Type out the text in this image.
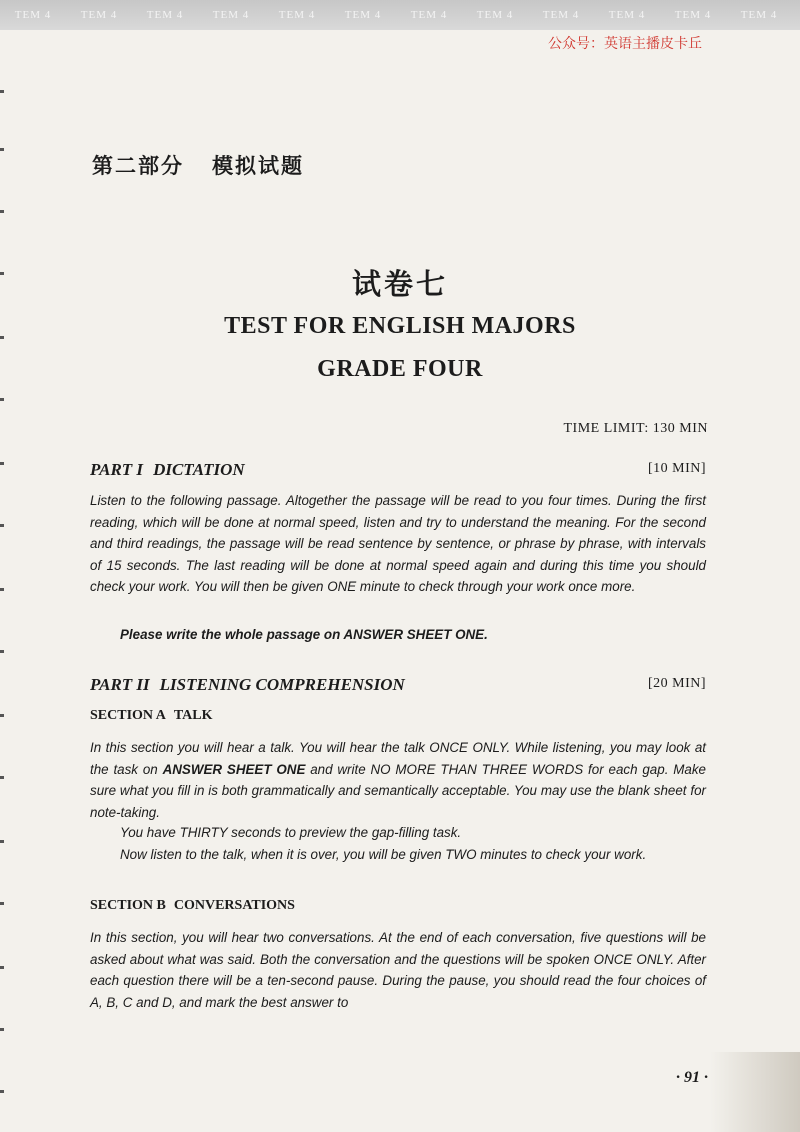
TEM 4	TEM 4	TEM 4	TEM 4	TEM 4	TEM 4	TEM 4	TEM 4	TEM 4	TEM 4	TEM 4	TEM 4
公众号：英语主播皮卡丘
第二部分 模拟试题
试卷七
TEST FOR ENGLISH MAJORS
GRADE FOUR
TIME LIMIT: 130 MIN
PART I DICTATION	[10 MIN]

Listen to the following passage. Altogether the passage will be read to you four times. During the first reading, which will be done at normal speed, listen and try to understand the meaning. For the second and third readings, the passage will be read sentence by sentence, or phrase by phrase, with intervals of 15 seconds. The last reading will be done at normal speed again and during this time you should check your work. You will then be given ONE minute to check through your work once more.

Please write the whole passage on ANSWER SHEET ONE.
PART II LISTENING COMPREHENSION	[20 MIN]
SECTION A TALK

In this section you will hear a talk. You will hear the talk ONCE ONLY. While listening, you may look at the task on ANSWER SHEET ONE and write NO MORE THAN THREE WORDS for each gap. Make sure what you fill in is both grammatically and semantically acceptable. You may use the blank sheet for note-taking.

You have THIRTY seconds to preview the gap-filling task.

Now listen to the talk, when it is over, you will be given TWO minutes to check your work.

SECTION B CONVERSATIONS

In this section, you will hear two conversations. At the end of each conversation, five questions will be asked about what was said. Both the conversation and the questions will be spoken ONCE ONLY. After each question there will be a ten-second pause. During the pause, you should read the four choices of A, B, C and D, and mark the best answer to

· 91 ·
